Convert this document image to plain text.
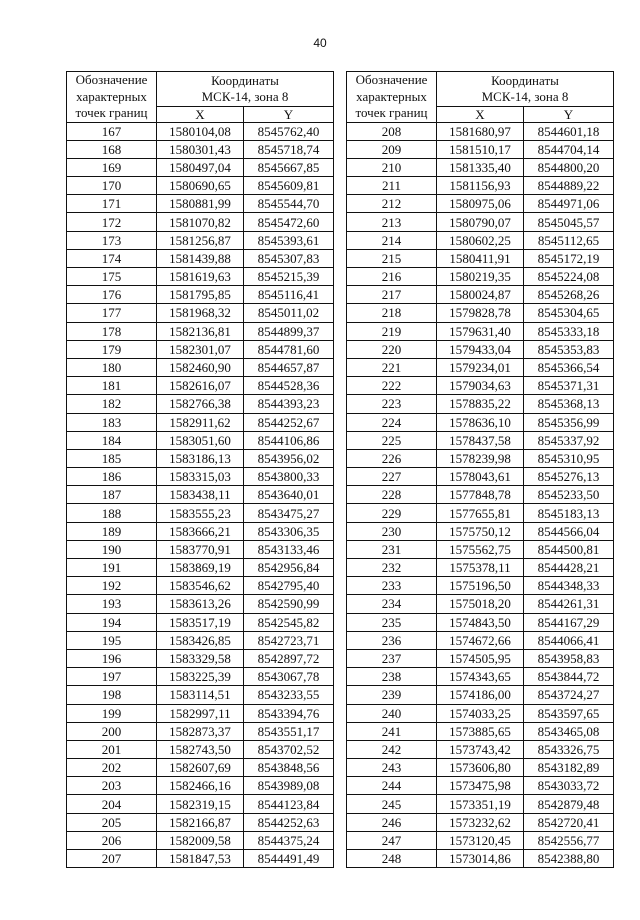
40
Обозначение
характерных
точек границ	Координаты
МСК-14, зона 8	

	X	Y
167	1580104,08	8545762,40
168	1580301,43	8545718,74
169	1580497,04	8545667,85
170	1580690,65	8545609,81
171	1580881,99	8545544,70
172	1581070,82	8545472,60
173	1581256,87	8545393,61
174	1581439,88	8545307,83
175	1581619,63	8545215,39
176	1581795,85	8545116,41
177	1581968,32	8545011,02
178	1582136,81	8544899,37
179	1582301,07	8544781,60
180	1582460,90	8544657,87
181	1582616,07	8544528,36
182	1582766,38	8544393,23
183	1582911,62	8544252,67
184	1583051,60	8544106,86
185	1583186,13	8543956,02
186	1583315,03	8543800,33
187	1583438,11	8543640,01
188	1583555,23	8543475,27
189	1583666,21	8543306,35
190	1583770,91	8543133,46
191	1583869,19	8542956,84
192	1583546,62	8542795,40
193	1583613,26	8542590,99
194	1583517,19	8542545,82
195	1583426,85	8542723,71
196	1583329,58	8542897,72
197	1583225,39	8543067,78
198	1583114,51	8543233,55
199	1582997,11	8543394,76
200	1582873,37	8543551,17
201	1582743,50	8543702,52
202	1582607,69	8543848,56
203	1582466,16	8543989,08
204	1582319,15	8544123,84
205	1582166,87	8544252,63
206	1582009,58	8544375,24
207	1581847,53	8544491,49
Обозначение
характерных
точек границ	Координаты
МСК-14, зона 8	

	X	Y
208	1581680,97	8544601,18
209	1581510,17	8544704,14
210	1581335,40	8544800,20
211	1581156,93	8544889,22
212	1580975,06	8544971,06
213	1580790,07	8545045,57
214	1580602,25	8545112,65
215	1580411,91	8545172,19
216	1580219,35	8545224,08
217	1580024,87	8545268,26
218	1579828,78	8545304,65
219	1579631,40	8545333,18
220	1579433,04	8545353,83
221	1579234,01	8545366,54
222	1579034,63	8545371,31
223	1578835,22	8545368,13
224	1578636,10	8545356,99
225	1578437,58	8545337,92
226	1578239,98	8545310,95
227	1578043,61	8545276,13
228	1577848,78	8545233,50
229	1577655,81	8545183,13
230	1575750,12	8544566,04
231	1575562,75	8544500,81
232	1575378,11	8544428,21
233	1575196,50	8544348,33
234	1575018,20	8544261,31
235	1574843,50	8544167,29
236	1574672,66	8544066,41
237	1574505,95	8543958,83
238	1574343,65	8543844,72
239	1574186,00	8543724,27
240	1574033,25	8543597,65
241	1573885,65	8543465,08
242	1573743,42	8543326,75
243	1573606,80	8543182,89
244	1573475,98	8543033,72
245	1573351,19	8542879,48
246	1573232,62	8542720,41
247	1573120,45	8542556,77
248	1573014,86	8542388,80
